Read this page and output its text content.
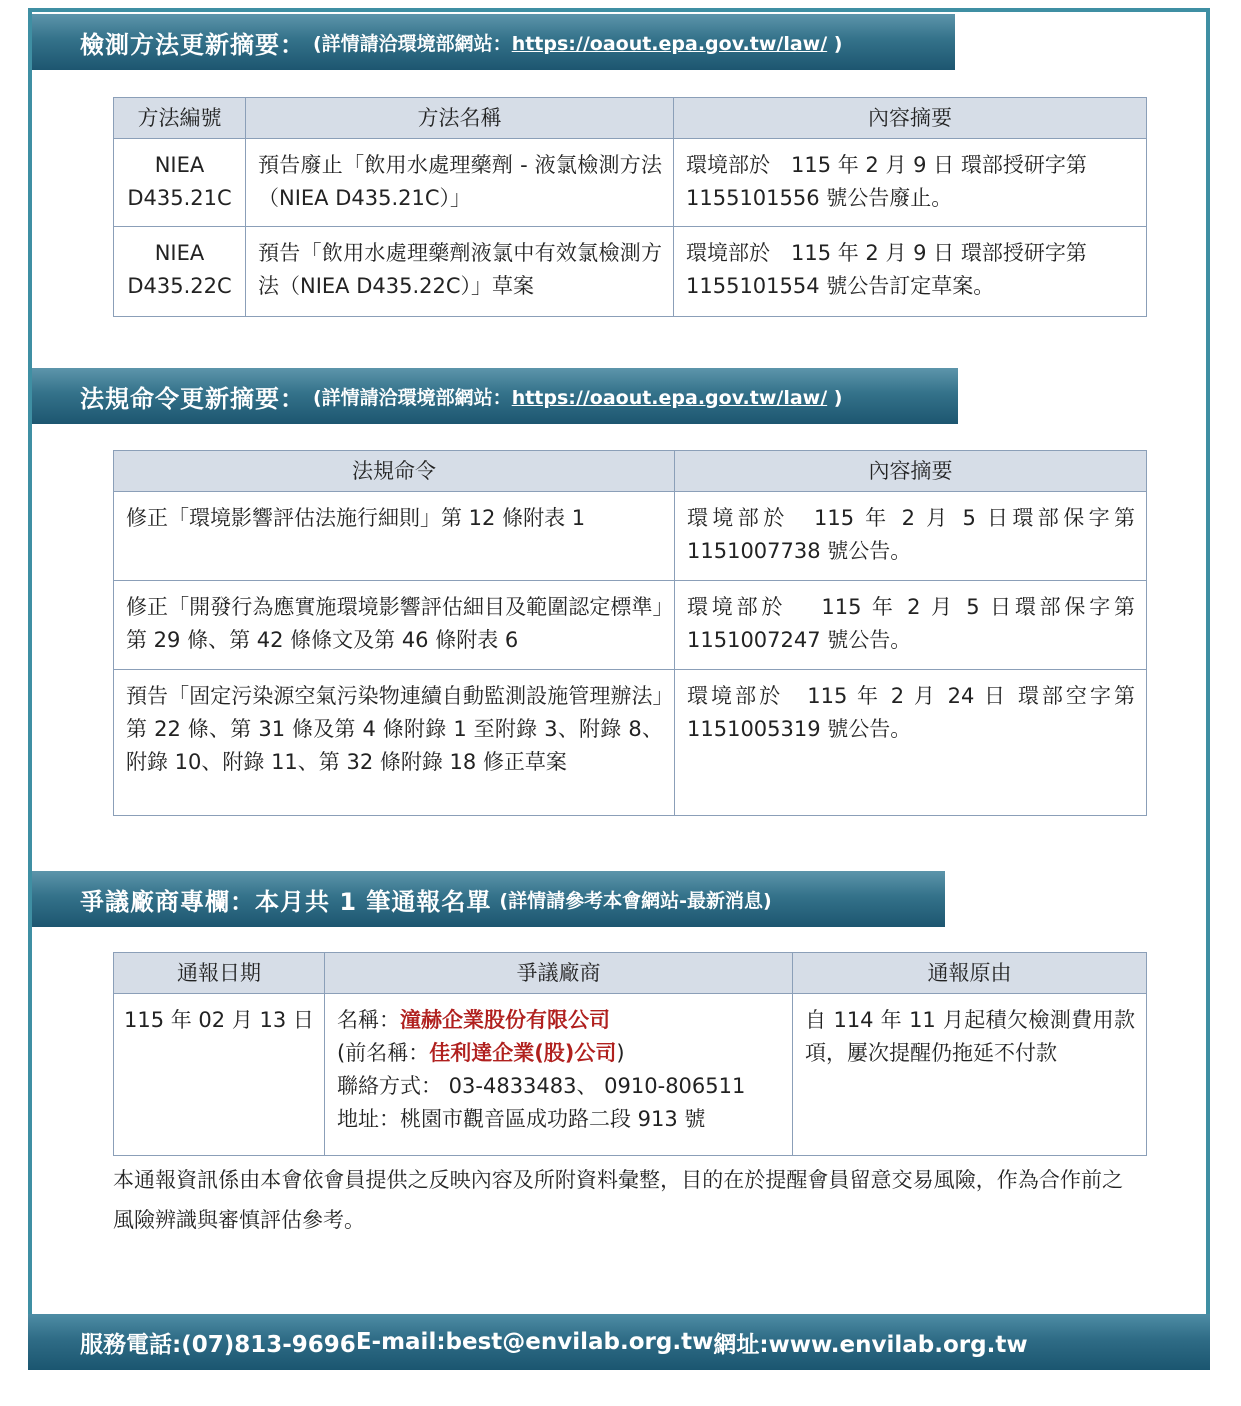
檢測方法更新摘要： (詳情請洽環境部網站：https://oaout.epa.gov.tw/law/ )
方法編號	方法名稱	內容摘要
NIEA
D435.21C	預告廢止「飲用水處理藥劑 - 液氯檢測方法（NIEA D435.21C）」	環境部於　115 年 2 月 9 日 環部授研字第 1155101556 號公告廢止。
NIEA
D435.22C	預告「飲用水處理藥劑液氯中有效氯檢測方法（NIEA D435.22C）」草案	環境部於　115 年 2 月 9 日 環部授研字第 1155101554 號公告訂定草案。
法規命令更新摘要： (詳情請洽環境部網站：https://oaout.epa.gov.tw/law/ )
法規命令	內容摘要
修正「環境影響評估法施行細則」第 12 條附表 1	環境部於　115 年 2 月 5 日環部保字第 1151007738 號公告。
修正「開發行為應實施環境影響評估細目及範圍認定標準」第 29 條、第 42 條條文及第 46 條附表 6	環境部於　 115 年 2 月 5 日環部保字第 1151007247 號公告。
預告「固定污染源空氣污染物連續自動監測設施管理辦法」第 22 條、第 31 條及第 4 條附錄 1 至附錄 3、附錄 8、附錄 10、附錄 11、第 32 條附錄 18 修正草案	環境部於　115 年 2 月 24 日 環部空字第 1151005319 號公告。
爭議廠商專欄：本月共 1 筆通報名單 (詳情請參考本會網站-最新消息)
通報日期	爭議廠商	通報原由
115 年 02 月 13 日	名稱：潼赫企業股份有限公司
(前名稱：佳利達企業(股)公司)
聯絡方式： 03-4833483、 0910-806511
地址：桃園市觀音區成功路二段 913 號	自 114 年 11 月起積欠檢測費用款項，屢次提醒仍拖延不付款
本通報資訊係由本會依會員提供之反映內容及所附資料彙整，目的在於提醒會員留意交易風險，作為合作前之風險辨識與審慎評估參考。
服務電話:(07)813-9696 E-mail:best@envilab.org.tw 網址:www.envilab.org.tw
